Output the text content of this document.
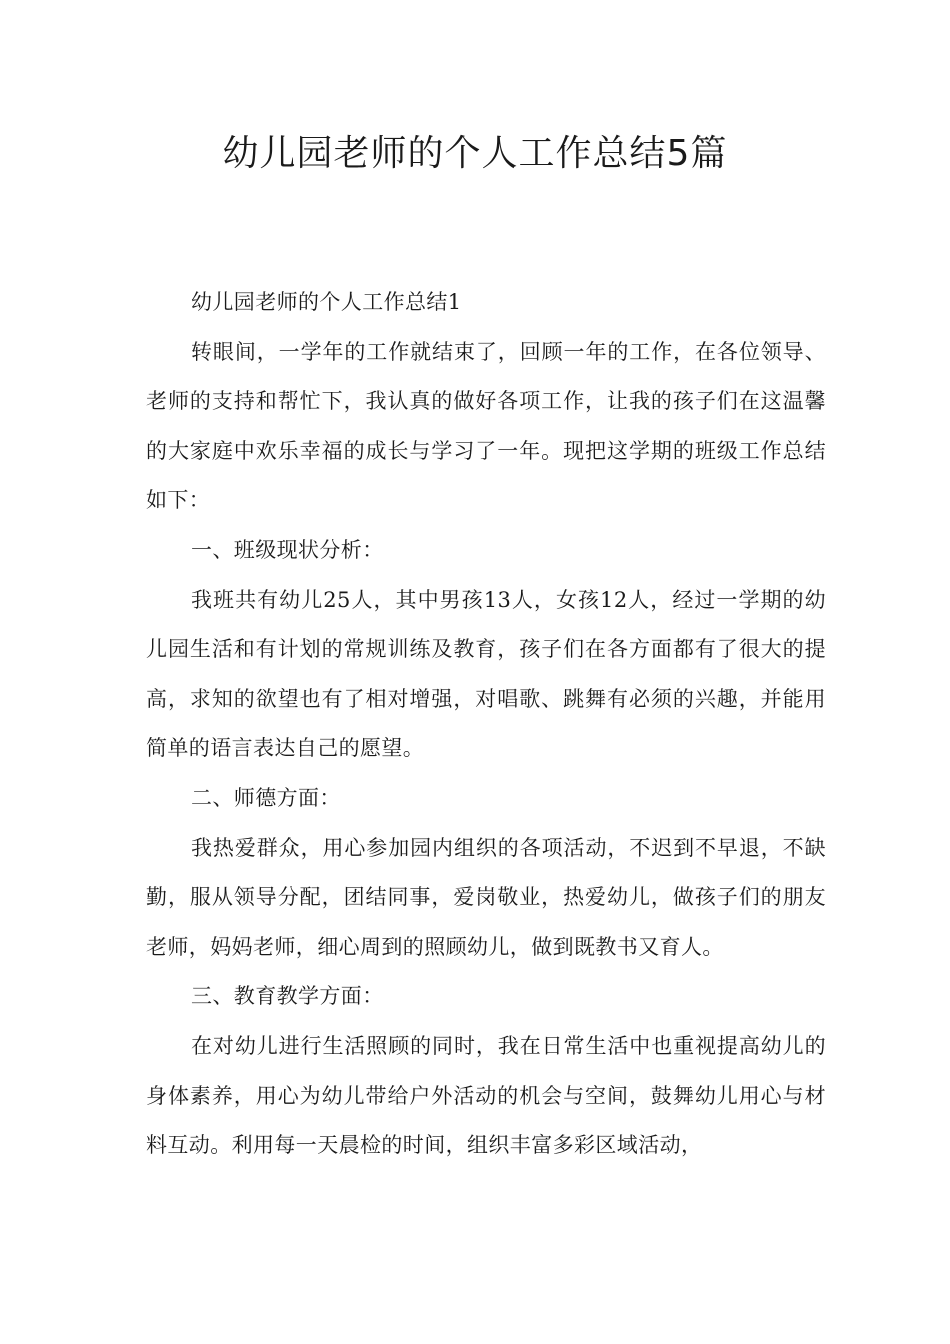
幼儿园老师的个人工作总结5篇

幼儿园老师的个人工作总结1

转眼间，一学年的工作就结束了，回顾一年的工作，在各位领导、老师的支持和帮忙下，我认真的做好各项工作，让我的孩子们在这温馨的大家庭中欢乐幸福的成长与学习了一年。现把这学期的班级工作总结如下：

一、班级现状分析：

我班共有幼儿25人，其中男孩13人，女孩12人，经过一学期的幼儿园生活和有计划的常规训练及教育，孩子们在各方面都有了很大的提高，求知的欲望也有了相对增强，对唱歌、跳舞有必须的兴趣，并能用简单的语言表达自己的愿望。

二、师德方面：

我热爱群众，用心参加园内组织的各项活动，不迟到不早退，不缺勤，服从领导分配，团结同事，爱岗敬业，热爱幼儿，做孩子们的朋友老师，妈妈老师，细心周到的照顾幼儿，做到既教书又育人。

三、教育教学方面：

在对幼儿进行生活照顾的同时，我在日常生活中也重视提高幼儿的身体素养，用心为幼儿带给户外活动的机会与空间，鼓舞幼儿用心与材料互动。利用每一天晨检的时间，组织丰富多彩区域活动，
